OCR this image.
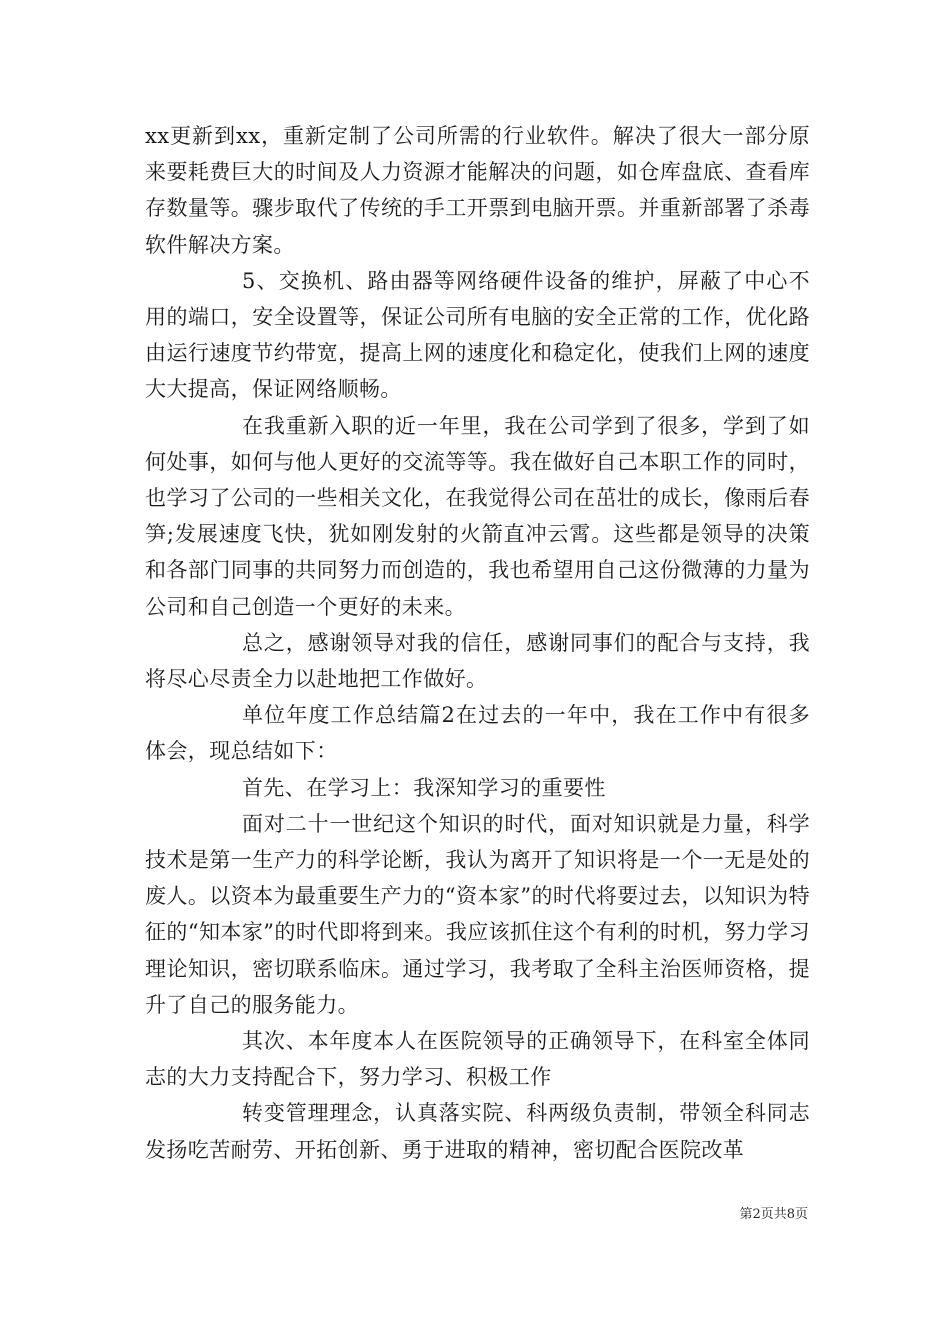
xx更新到xx，重新定制了公司所需的行业软件。解决了很大一部分原来要耗费巨大的时间及人力资源才能解决的问题，如仓库盘底、查看库存数量等。骤步取代了传统的手工开票到电脑开票。并重新部署了杀毒软件解决方案。

5、交换机、路由器等网络硬件设备的维护，屏蔽了中心不用的端口，安全设置等，保证公司所有电脑的安全正常的工作，优化路由运行速度节约带宽，提高上网的速度化和稳定化，使我们上网的速度大大提高，保证网络顺畅。

在我重新入职的近一年里，我在公司学到了很多，学到了如何处事，如何与他人更好的交流等等。我在做好自己本职工作的同时，也学习了公司的一些相关文化，在我觉得公司在茁壮的成长，像雨后春笋;发展速度飞快，犹如刚发射的火箭直冲云霄。这些都是领导的决策和各部门同事的共同努力而创造的，我也希望用自己这份微薄的力量为公司和自己创造一个更好的未来。

总之，感谢领导对我的信任，感谢同事们的配合与支持，我将尽心尽责全力以赴地把工作做好。

单位年度工作总结篇2在过去的一年中，我在工作中有很多体会，现总结如下：

首先、在学习上：我深知学习的重要性

面对二十一世纪这个知识的时代，面对知识就是力量，科学技术是第一生产力的科学论断，我认为离开了知识将是一个一无是处的废人。以资本为最重要生产力的“资本家”的时代将要过去，以知识为特征的“知本家”的时代即将到来。我应该抓住这个有利的时机，努力学习理论知识，密切联系临床。通过学习，我考取了全科主治医师资格，提升了自己的服务能力。

其次、本年度本人在医院领导的正确领导下，在科室全体同志的大力支持配合下，努力学习、积极工作

转变管理理念，认真落实院、科两级负责制，带领全科同志发扬吃苦耐劳、开拓创新、勇于进取的精神，密切配合医院改革

第2页共8页
